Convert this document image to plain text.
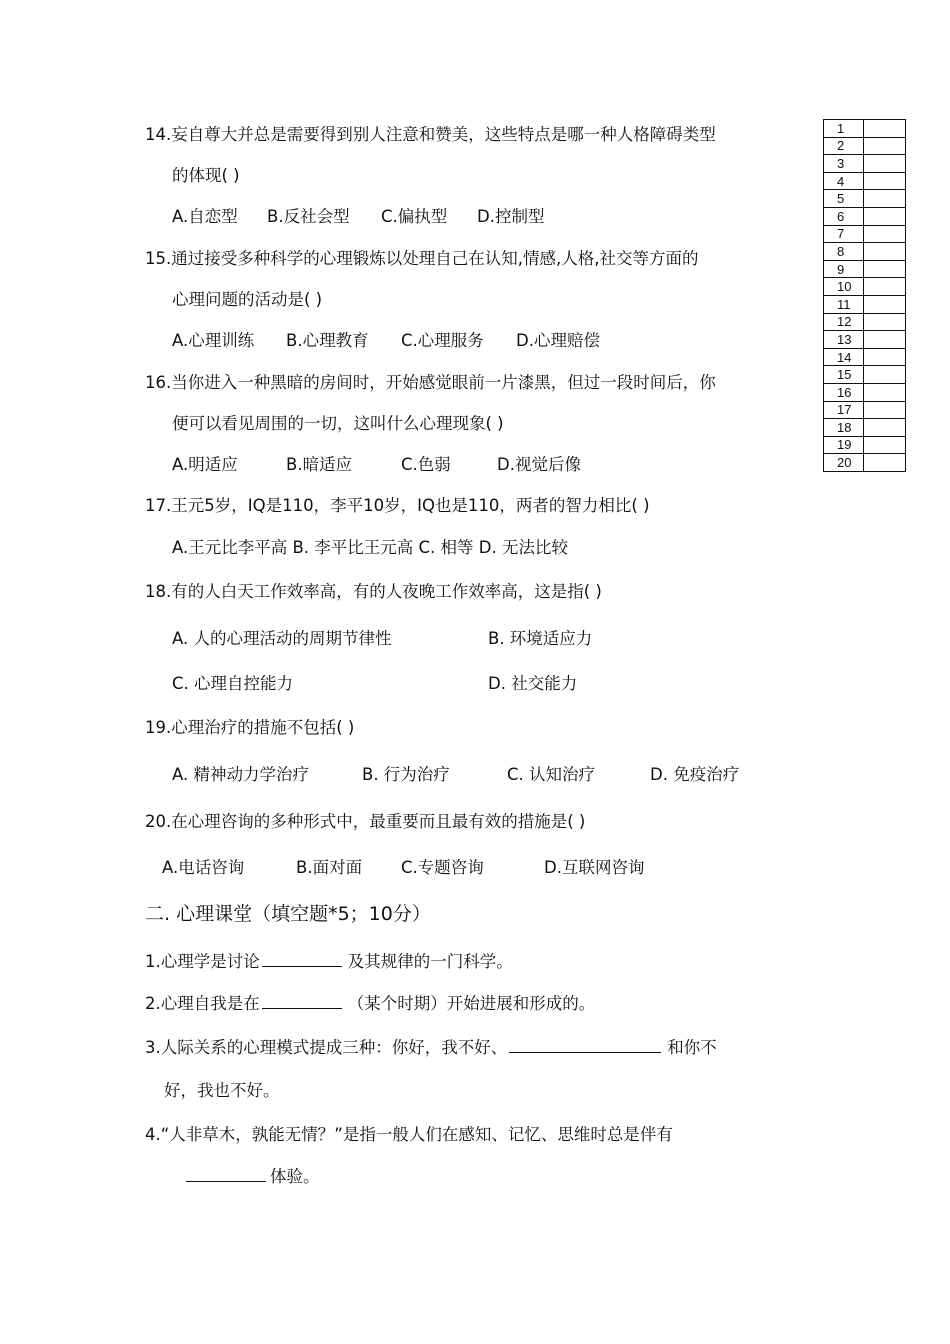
14.妄自尊大并总是需要得到别人注意和赞美，这些特点是哪一种人格障碍类型
的体现( )
A.自恋型 B.反社会型 C.偏执型 D.控制型
15.通过接受多种科学的心理锻炼以处理自己在认知,情感,人格,社交等方面的
心理问题的活动是( )
A.心理训练 B.心理教育 C.心理服务 D.心理赔偿
16.当你进入一种黑暗的房间时，开始感觉眼前一片漆黑，但过一段时间后，你
便可以看见周围的一切，这叫什么心理现象( )
A.明适应	B.暗适应	C.色弱	D.视觉后像
17.王元5岁，IQ是110，李平10岁，IQ也是110，两者的智力相比( )
A.王元比李平高 B. 李平比王元高 C. 相等 D. 无法比较
18.有的人白天工作效率高，有的人夜晚工作效率高，这是指( )
A. 人的心理活动的周期节律性	B. 环境适应力
C. 心理自控能力	D. 社交能力
19.心理治疗的措施不包括( )
A. 精神动力学治疗	B. 行为治疗	C. 认知治疗	D. 免疫治疗
20.在心理咨询的多种形式中，最重要而且最有效的措施是( )
A.电话咨询	B.面对面 C.专题咨询	D.互联网咨询
二. 心理课堂（填空题*5；10分）
1.心理学是讨论	及其规律的一门科学。
2.心理自我是在	（某个时期）开始进展和形成的。
3.人际关系的心理模式提成三种：你好，我不好、	和你不
好，我也不好。
4.“人非草木，孰能无情？”是指一般人们在感知、记忆、思维时总是伴有
体验。
1	
2	
3	
4	
5	
6	
7	
8	
9	
10	
11	
12	
13	
14	
15	
16	
17	
18	
19	
20	
